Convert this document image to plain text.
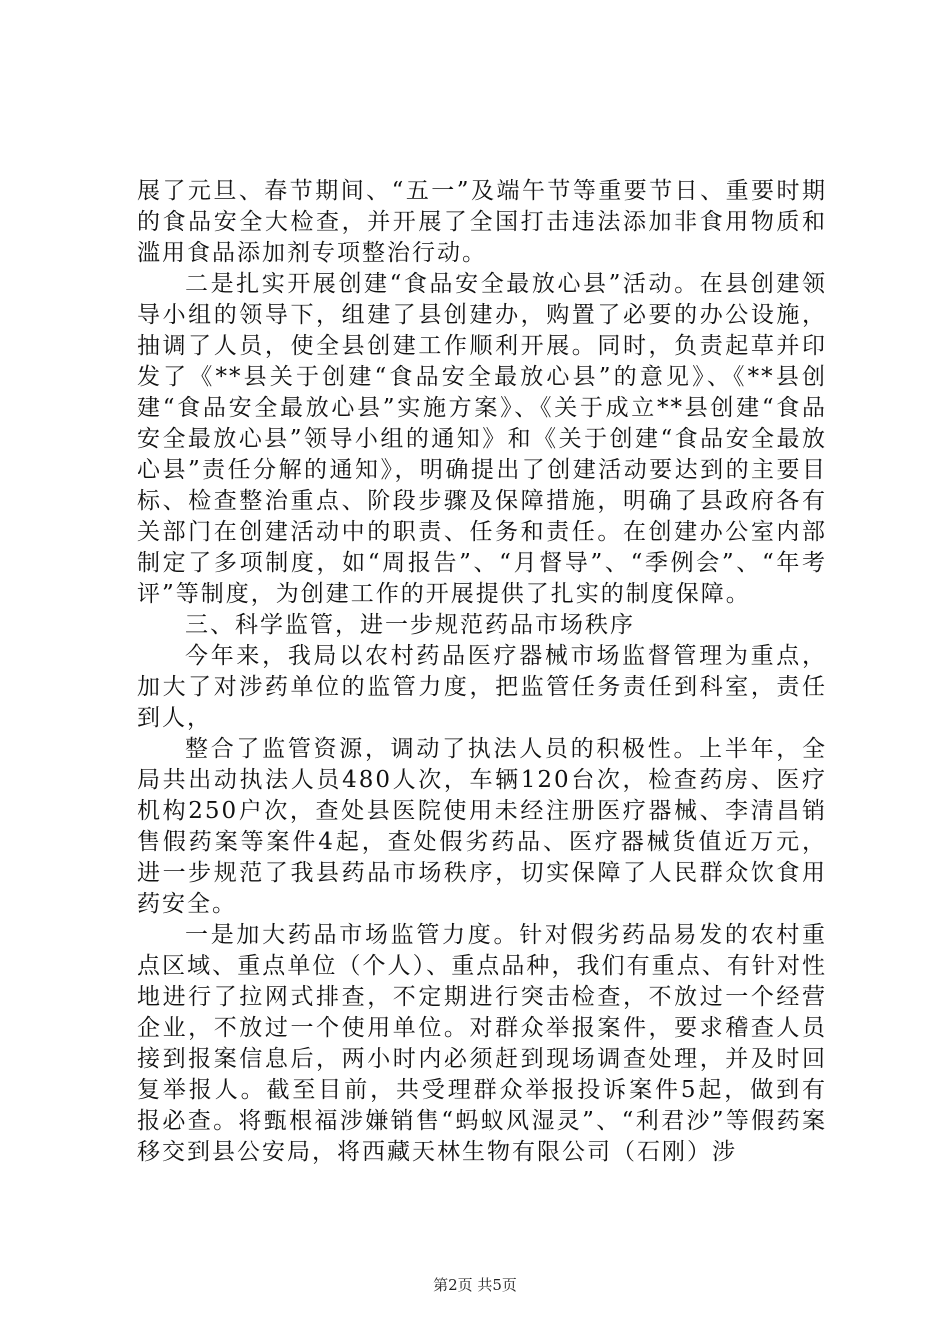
展了元旦、春节期间、“五一”及端午节等重要节日、重要时期的食品安全大检查，并开展了全国打击违法添加非食用物质和滥用食品添加剂专项整治行动。

二是扎实开展创建“食品安全最放心县”活动。在县创建领导小组的领导下，组建了县创建办，购置了必要的办公设施，抽调了人员，使全县创建工作顺利开展。同时，负责起草并印发了《**县关于创建“食品安全最放心县”的意见》、《**县创建“食品安全最放心县”实施方案》、《关于成立**县创建“食品安全最放心县”领导小组的通知》和《关于创建“食品安全最放心县”责任分解的通知》，明确提出了创建活动要达到的主要目标、检查整治重点、阶段步骤及保障措施，明确了县政府各有关部门在创建活动中的职责、任务和责任。在创建办公室内部制定了多项制度，如“周报告”、“月督导”、“季例会”、“年考评”等制度，为创建工作的开展提供了扎实的制度保障。

三、科学监管，进一步规范药品市场秩序

今年来，我局以农村药品医疗器械市场监督管理为重点，加大了对涉药单位的监管力度，把监管任务责任到科室，责任到人，

整合了监管资源，调动了执法人员的积极性。上半年，全局共出动执法人员480人次，车辆120台次，检查药房、医疗机构250户次，查处县医院使用未经注册医疗器械、李清昌销售假药案等案件4起，查处假劣药品、医疗器械货值近万元，进一步规范了我县药品市场秩序，切实保障了人民群众饮食用药安全。

一是加大药品市场监管力度。针对假劣药品易发的农村重点区域、重点单位（个人）、重点品种，我们有重点、有针对性地进行了拉网式排查，不定期进行突击检查，不放过一个经营企业，不放过一个使用单位。对群众举报案件，要求稽查人员接到报案信息后，两小时内必须赶到现场调查处理，并及时回复举报人。截至目前，共受理群众举报投诉案件5起，做到有报必查。将甄根福涉嫌销售“蚂蚁风湿灵”、“利君沙”等假药案移交到县公安局，将西藏天林生物有限公司（石刚）涉

第2页 共5页
